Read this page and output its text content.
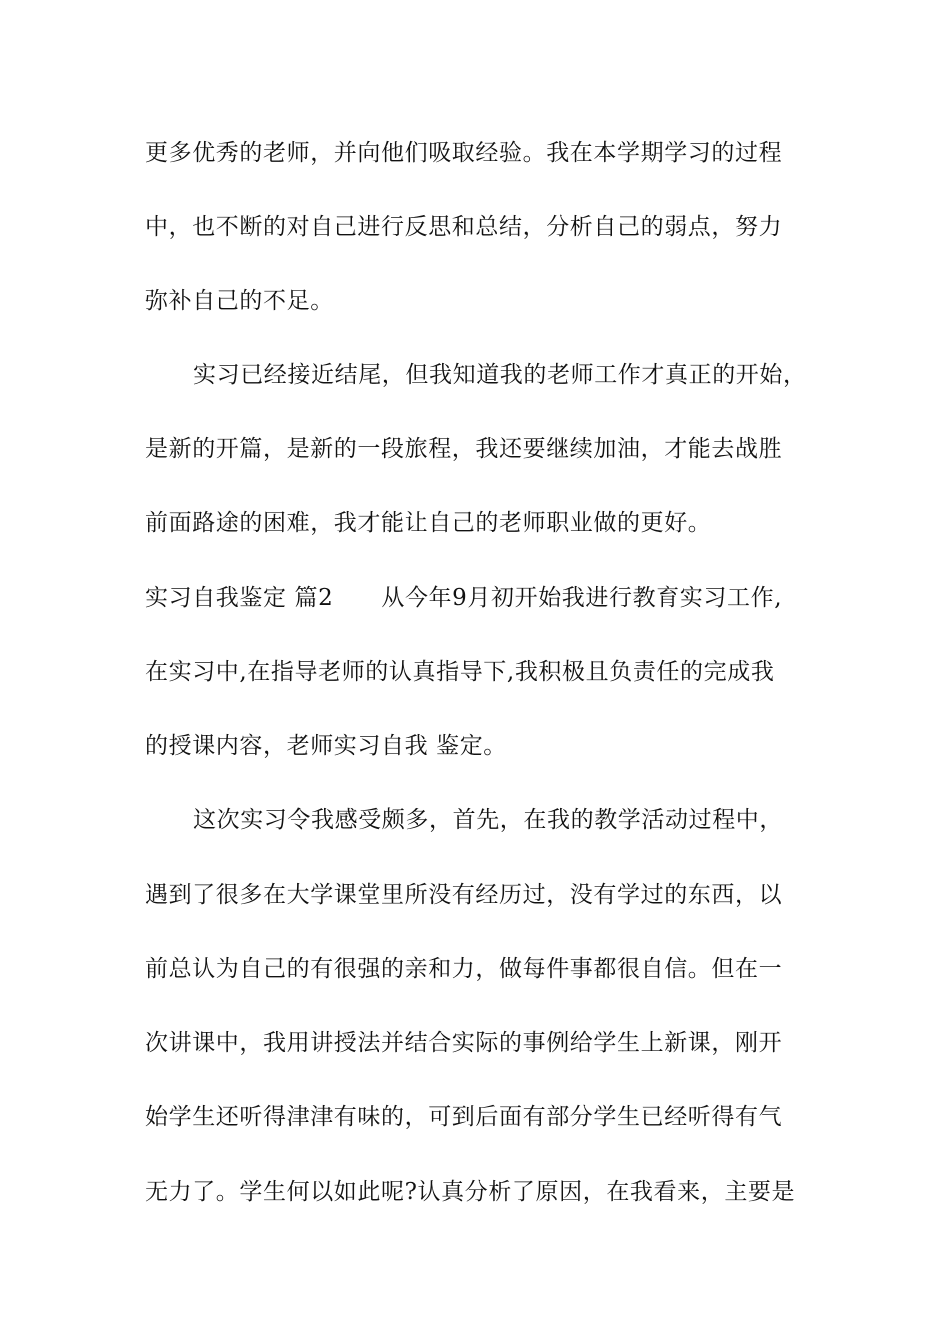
更多优秀的老师，并向他们吸取经验。我在本学期学习的过程
中，也不断的对自己进行反思和总结，分析自己的弱点，努力
弥补自己的不足。
实习已经接近结尾，但我知道我的老师工作才真正的开始，
是新的开篇，是新的一段旅程，我还要继续加油，才能去战胜
前面路途的困难，我才能让自己的老师职业做的更好。
实习自我鉴定 篇2 从今年9月初开始我进行教育实习工作,
在实习中,在指导老师的认真指导下,我积极且负责任的完成我
的授课内容，老师实习自我 鉴定。
这次实习令我感受颇多，首先，在我的教学活动过程中，
遇到了很多在大学课堂里所没有经历过，没有学过的东西，以
前总认为自己的有很强的亲和力，做每件事都很自信。但在一
次讲课中，我用讲授法并结合实际的事例给学生上新课，刚开
始学生还听得津津有味的，可到后面有部分学生已经听得有气
无力了。学生何以如此呢?认真分析了原因，在我看来，主要是
